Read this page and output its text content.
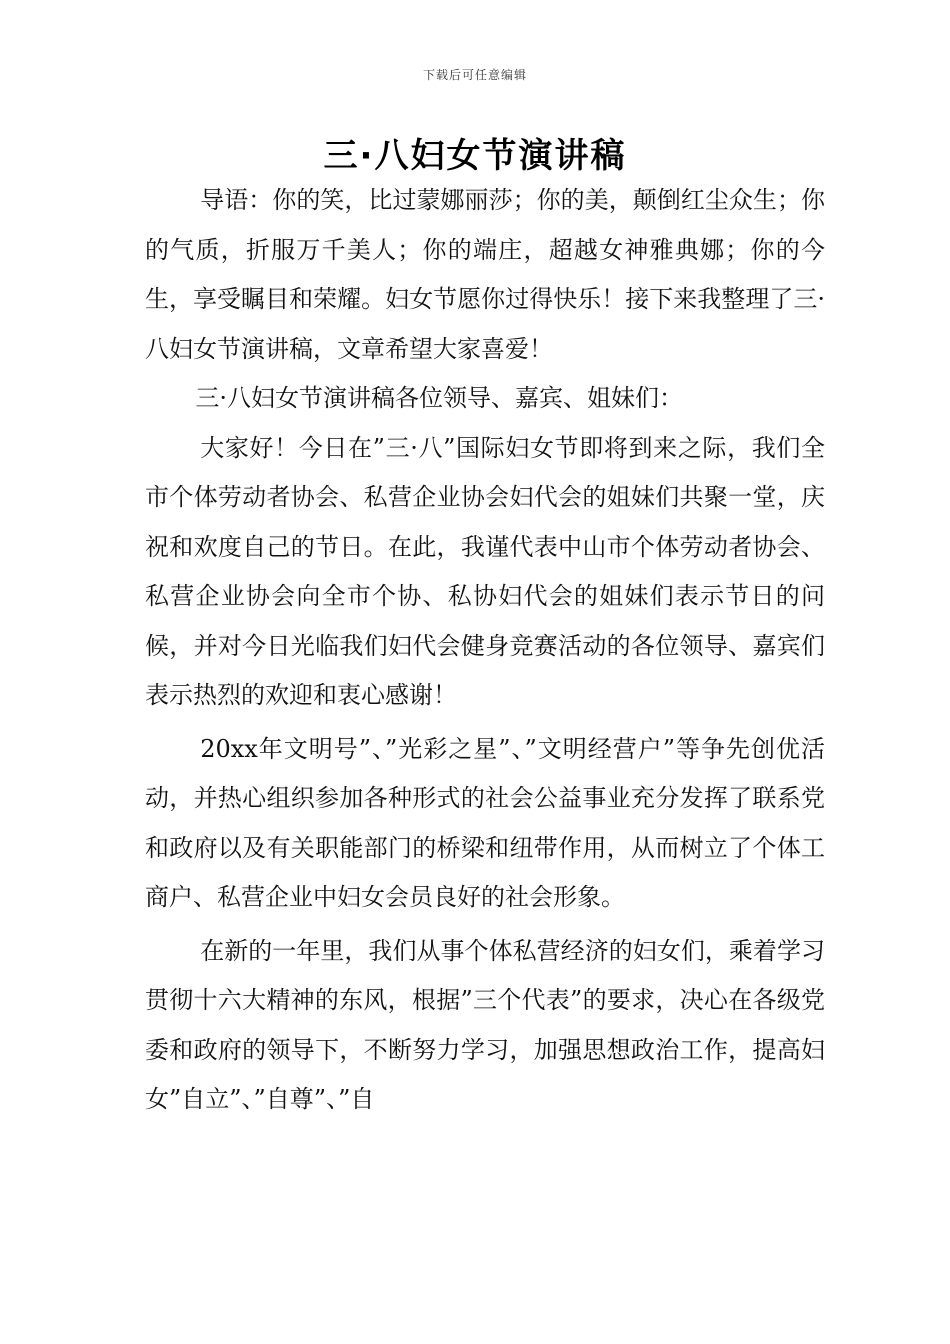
下载后可任意编辑
三·八妇女节演讲稿

导语：你的笑，比过蒙娜丽莎；你的美，颠倒红尘众生；你的气质，折服万千美人；你的端庄，超越女神雅典娜；你的今生，享受瞩目和荣耀。妇女节愿你过得快乐！接下来我整理了三·八妇女节演讲稿，文章希望大家喜爱！

三·八妇女节演讲稿各位领导、嘉宾、姐妹们：

大家好！今日在”三·八”国际妇女节即将到来之际，我们全市个体劳动者协会、私营企业协会妇代会的姐妹们共聚一堂，庆祝和欢度自己的节日。在此，我谨代表中山市个体劳动者协会、私营企业协会向全市个协、私协妇代会的姐妹们表示节日的问候，并对今日光临我们妇代会健身竞赛活动的各位领导、嘉宾们表示热烈的欢迎和衷心感谢！

20xx年文明号”、”光彩之星”、”文明经营户”等争先创优活动，并热心组织参加各种形式的社会公益事业充分发挥了联系党和政府以及有关职能部门的桥梁和纽带作用，从而树立了个体工商户、私营企业中妇女会员良好的社会形象。

在新的一年里，我们从事个体私营经济的妇女们，乘着学习贯彻十六大精神的东风，根据”三个代表”的要求，决心在各级党委和政府的领导下，不断努力学习，加强思想政治工作，提高妇女”自立”、”自尊”、”自
